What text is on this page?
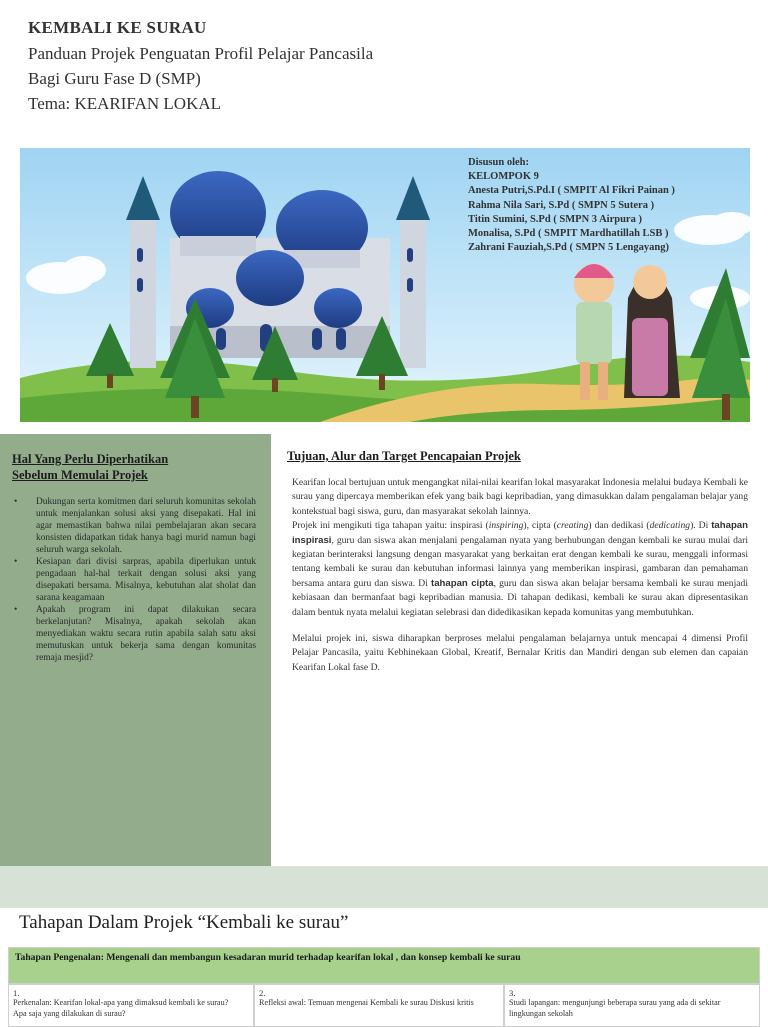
KEMBALI KE SURAU
Panduan Projek Penguatan Profil Pelajar Pancasila
Bagi Guru Fase D (SMP)
Tema: KEARIFAN LOKAL
Disusun oleh:
KELOMPOK 9
Anesta Putri,S.Pd.I ( SMPIT Al Fikri Painan )
Rahma Nila Sari, S.Pd ( SMPN 5 Sutera )
Titin Sumini, S.Pd ( SMPN 3 Airpura )
Monalisa, S.Pd ( SMPIT Mardhatillah LSB )
Zahrani Fauziah,S.Pd ( SMPN 5 Lengayang)
Hal Yang Perlu Diperhatikan
Sebelum Memulai Projek
• Dukungan serta komitmen dari seluruh komunitas sekolah untuk menjalankan solusi aksi yang disepakati. Hal ini agar memastikan bahwa nilai pembelajaran akan secara konsisten didapatkan tidak hanya bagi murid namun bagi seluruh warga sekolah.
• Kesiapan dari divisi sarpras, apabila diperlukan untuk pengadaan hal-hal terkait dengan solusi aksi yang disepakati bersama. Misalnya, kebutuhan alat sholat dan sarana keagamaan
• Apakah program ini dapat dilakukan secara berkelanjutan? Misalnya, apakah sekolah akan menyediakan waktu secara rutin apabila salah satu aksi memutuskan untuk bekerja sama dengan komunitas remaja mesjid?
Tujuan, Alur dan Target Pencapaian Projek

Kearifan local bertujuan untuk mengangkat nilai-nilai kearifan lokal masyarakat Indonesia melalui budaya Kembali ke surau yang dipercaya memberikan efek yang baik bagi kepribadian, yang dimasukkan dalam pengalaman belajar yang kontekstual bagi siswa, guru, dan masyarakat sekolah lainnya.

Projek ini mengikuti tiga tahapan yaitu: inspirasi (inspiring), cipta (creating) dan dedikasi (dedicating). Di tahapan inspirasi, guru dan siswa akan menjalani pengalaman nyata yang berhubungan dengan kembali ke surau mulai dari kegiatan berinteraksi langsung dengan masyarakat yang berkaitan erat dengan kembali ke surau, menggali informasi tentang kembali ke surau dan kebutuhan informasi lainnya yang memberikan inspirasi, gambaran dan pemahaman bersama antara guru dan siswa. Di tahapan cipta, guru dan siswa akan belajar bersama kembali ke surau menjadi kebiasaan dan bermanfaat bagi kepribadian manusia. Di tahapan dedikasi, kembali ke surau akan dipresentasikan dalam bentuk nyata melalui kegiatan selebrasi dan didedikasikan kepada komunitas yang membutuhkan.

Melalui projek ini, siswa diharapkan berproses melalui pengalaman belajarnya untuk mencapai 4 dimensi Profil Pelajar Pancasila, yaitu Kebhinekaan Global, Kreatif, Bernalar Kritis dan Mandiri dengan sub elemen dan capaian Kearifan Lokal fase D.

Tahapan Dalam Projek “Kembali ke surau”
Tahapan Pengenalan: Mengenali dan membangun kesadaran murid terhadap kearifan lokal , dan konsep kembali ke surau
1.
Perkenalan: Kearifan lokal-apa yang dimaksud kembali ke surau? Apa saja yang dilakukan di surau?
2.
Refleksi awal: Temuan mengenai Kembali ke surau Diskusi kritis
3.
Studi lapangan: mengunjungi beberapa surau yang ada di sekitar lingkungan sekolah
